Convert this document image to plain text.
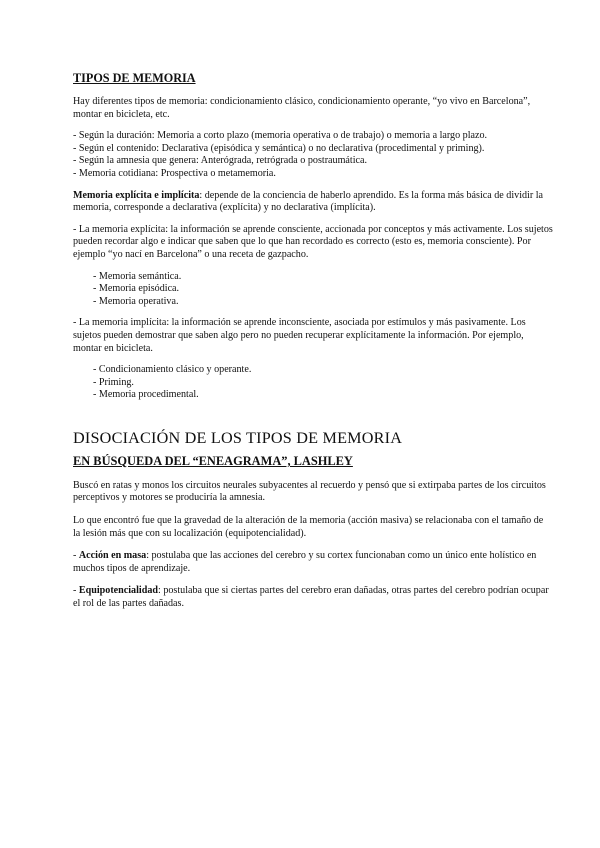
TIPOS DE MEMORIA

Hay diferentes tipos de memoria: condicionamiento clásico, condicionamiento operante, “yo vivo en Barcelona”, montar en bicicleta, etc.

- Según la duración: Memoria a corto plazo (memoria operativa o de trabajo) o memoria a largo plazo.
- Según el contenido: Declarativa (episódica y semántica) o no declarativa (procedimental y priming).
- Según la amnesia que genera: Anterógrada, retrógrada o postraumática.
- Memoria cotidiana: Prospectiva o metamemoria.

Memoria explícita e implícita: depende de la conciencia de haberlo aprendido. Es la forma más básica de dividir la memoria, corresponde a declarativa (explícita) y no declarativa (implícita).

- La memoria explícita: la información se aprende consciente, accionada por conceptos y más activamente. Los sujetos pueden recordar algo e indicar que saben que lo que han recordado es correcto (esto es, memoria consciente). Por ejemplo “yo nací en Barcelona” o una receta de gazpacho.

- Memoria semántica.
- Memoria episódica.
- Memoria operativa.

- La memoria implícita: la información se aprende inconsciente, asociada por estímulos y más pasivamente. Los sujetos pueden demostrar que saben algo pero no pueden recuperar explícitamente la información. Por ejemplo, montar en bicicleta.

- Condicionamiento clásico y operante.
- Priming.
- Memoria procedimental.
DISOCIACIÓN DE LOS TIPOS DE MEMORIA
EN BÚSQUEDA DEL “ENEAGRAMA”, LASHLEY

Buscó en ratas y monos los circuitos neurales subyacentes al recuerdo y pensó que si extirpaba partes de los circuitos perceptivos y motores se produciría la amnesia.

Lo que encontró fue que la gravedad de la alteración de la memoria (acción masiva) se relacionaba con el tamaño de la lesión más que con su localización (equipotencialidad).

- Acción en masa: postulaba que las acciones del cerebro y su cortex funcionaban como un único ente holístico en muchos tipos de aprendizaje.

- Equipotencialidad: postulaba que si ciertas partes del cerebro eran dañadas, otras partes del cerebro podrían ocupar el rol de las partes dañadas.
